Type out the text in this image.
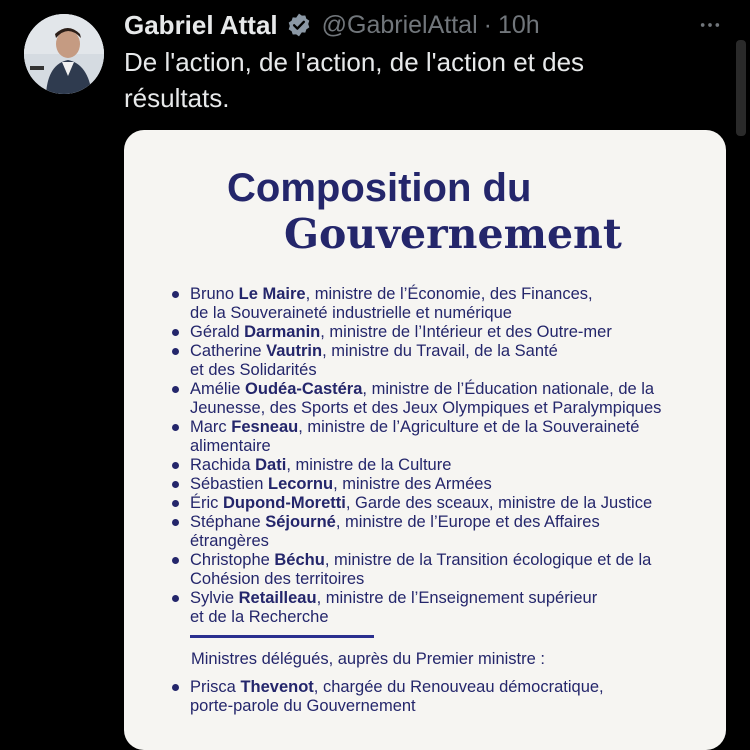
Gabriel Attal @GabrielAttal · 10h

De l'action, de l'action, de l'action et des résultats.

Composition du
Gouvernement
Bruno Le Maire, ministre de l’Économie, des Finances,
de la Souveraineté industrielle et numérique
Gérald Darmanin, ministre de l’Intérieur et des Outre-mer
Catherine Vautrin, ministre du Travail, de la Santé
et des Solidarités
Amélie Oudéa-Castéra, ministre de l’Éducation nationale, de la
Jeunesse, des Sports et des Jeux Olympiques et Paralympiques
Marc Fesneau, ministre de l’Agriculture et de la Souveraineté
alimentaire
Rachida Dati, ministre de la Culture
Sébastien Lecornu, ministre des Armées
Éric Dupond-Moretti, Garde des sceaux, ministre de la Justice
Stéphane Séjourné, ministre de l’Europe et des Affaires
étrangères
Christophe Béchu, ministre de la Transition écologique et de la
Cohésion des territoires
Sylvie Retailleau, ministre de l’Enseignement supérieur
et de la Recherche

Ministres délégués, auprès du Premier ministre :

Prisca Thevenot, chargée du Renouveau démocratique,
porte-parole du Gouvernement
